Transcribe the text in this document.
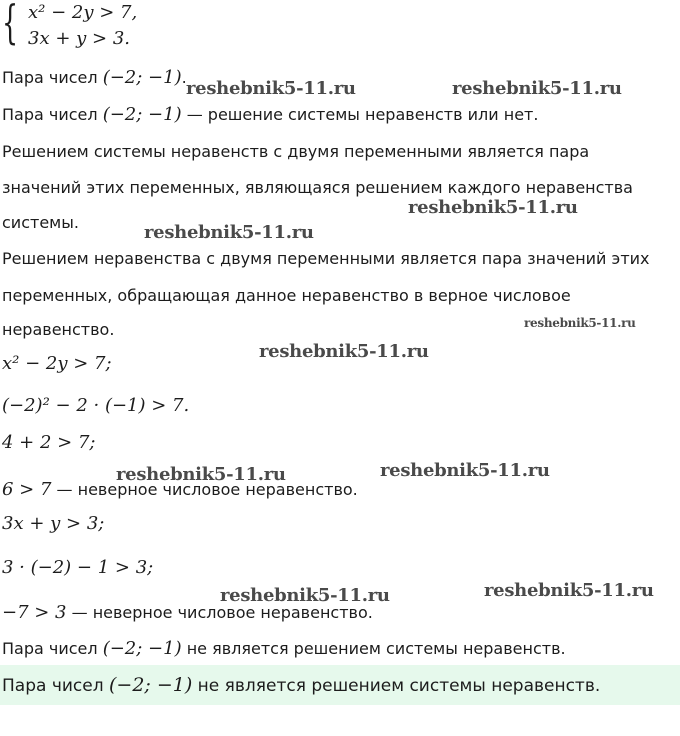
{ x² − 2y > 7,
3x + y > 3.
Пара чисел (−2; −1).
Пара чисел (−2; −1) — решение системы неравенств или нет.
Решением системы неравенств с двумя переменными является пара
значений этих переменных, являющаяся решением каждого неравенства
системы.
Решением неравенства с двумя переменными является пара значений этих
переменных, обращающая данное неравенство в верное числовое
неравенство.
x² − 2y > 7;
(−2)² − 2 · (−1) > 7.
4 + 2 > 7;
6 > 7 — неверное числовое неравенство.
3x + y > 3;
3 · (−2) − 1 > 3;
−7 > 3 — неверное числовое неравенство.
Пара чисел (−2; −1) не является решением системы неравенств.
Пара чисел (−2; −1) не является решением системы неравенств.
reshebnik5-11.ru	reshebnik5-11.ru
reshebnik5-11.ru
reshebnik5-11.ru
reshebnik5-11.ru
reshebnik5-11.ru
reshebnik5-11.ru	reshebnik5-11.ru
reshebnik5-11.ru	reshebnik5-11.ru
